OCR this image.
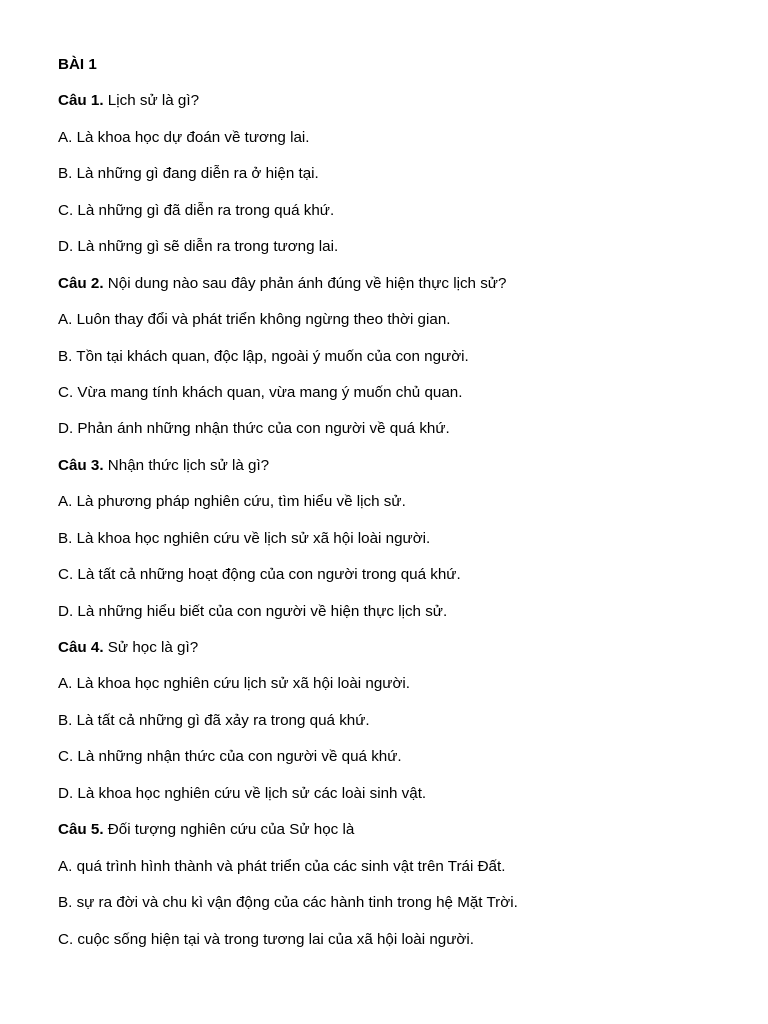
BÀI 1
Câu 1. Lịch sử là gì?
A. Là khoa học dự đoán về tương lai.
B. Là những gì đang diễn ra ở hiện tại.
C. Là những gì đã diễn ra trong quá khứ.
D. Là những gì sẽ diễn ra trong tương lai.
Câu 2. Nội dung nào sau đây phản ánh đúng về hiện thực lịch sử?
A. Luôn thay đổi và phát triển không ngừng theo thời gian.
B. Tồn tại khách quan, độc lập, ngoài ý muốn của con người.
C. Vừa mang tính khách quan, vừa mang ý muốn chủ quan.
D. Phản ánh những nhận thức của con người về quá khứ.
Câu 3. Nhận thức lịch sử là gì?
A. Là phương pháp nghiên cứu, tìm hiểu về lịch sử.
B. Là khoa học nghiên cứu về lịch sử xã hội loài người.
C. Là tất cả những hoạt động của con người trong quá khứ.
D. Là những hiểu biết của con người về hiện thực lịch sử.
Câu 4. Sử học là gì?
A. Là khoa học nghiên cứu lịch sử xã hội loài người.
B. Là tất cả những gì đã xảy ra trong quá khứ.
C. Là những nhận thức của con người về quá khứ.
D. Là khoa học nghiên cứu về lịch sử các loài sinh vật.
Câu 5. Đối tượng nghiên cứu của Sử học là
A. quá trình hình thành và phát triển của các sinh vật trên Trái Đất.
B. sự ra đời và chu kì vận động của các hành tinh trong hệ Mặt Trời.
C. cuộc sống hiện tại và trong tương lai của xã hội loài người.
